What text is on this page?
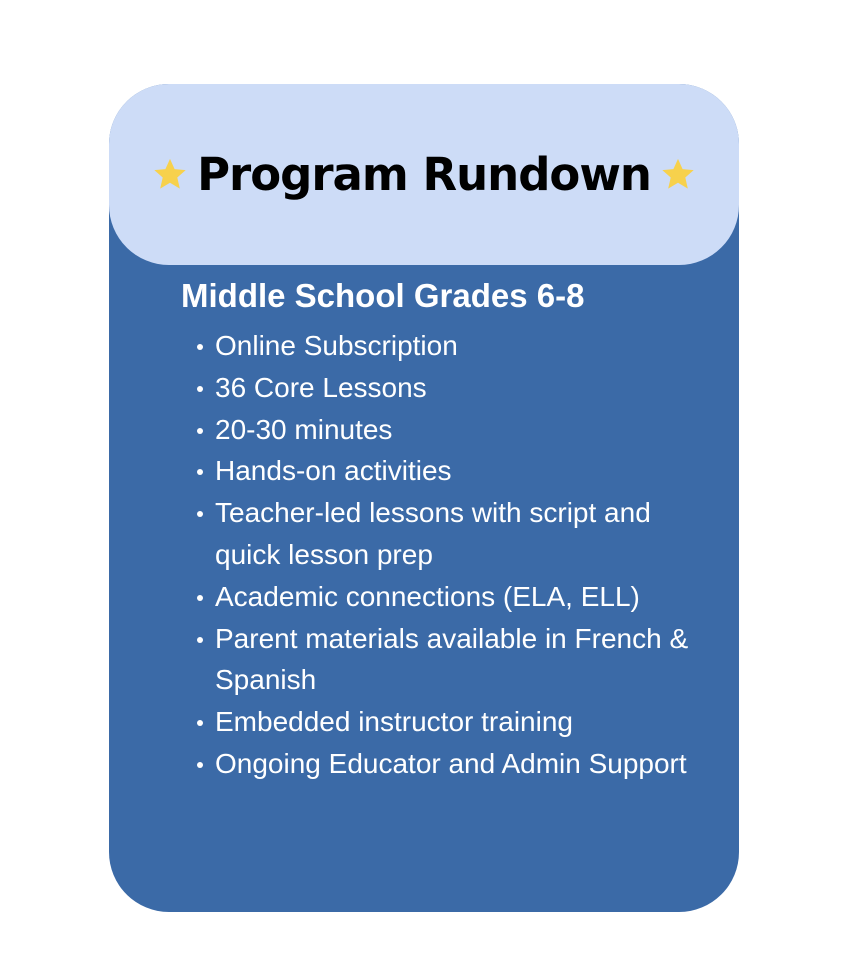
Program Rundown
Middle School Grades 6-8
Online Subscription
36 Core Lessons
20-30 minutes
Hands-on activities
Teacher-led lessons with script and quick lesson prep
Academic connections (ELA, ELL)
Parent materials available in French & Spanish
Embedded instructor training
Ongoing Educator and Admin Support
